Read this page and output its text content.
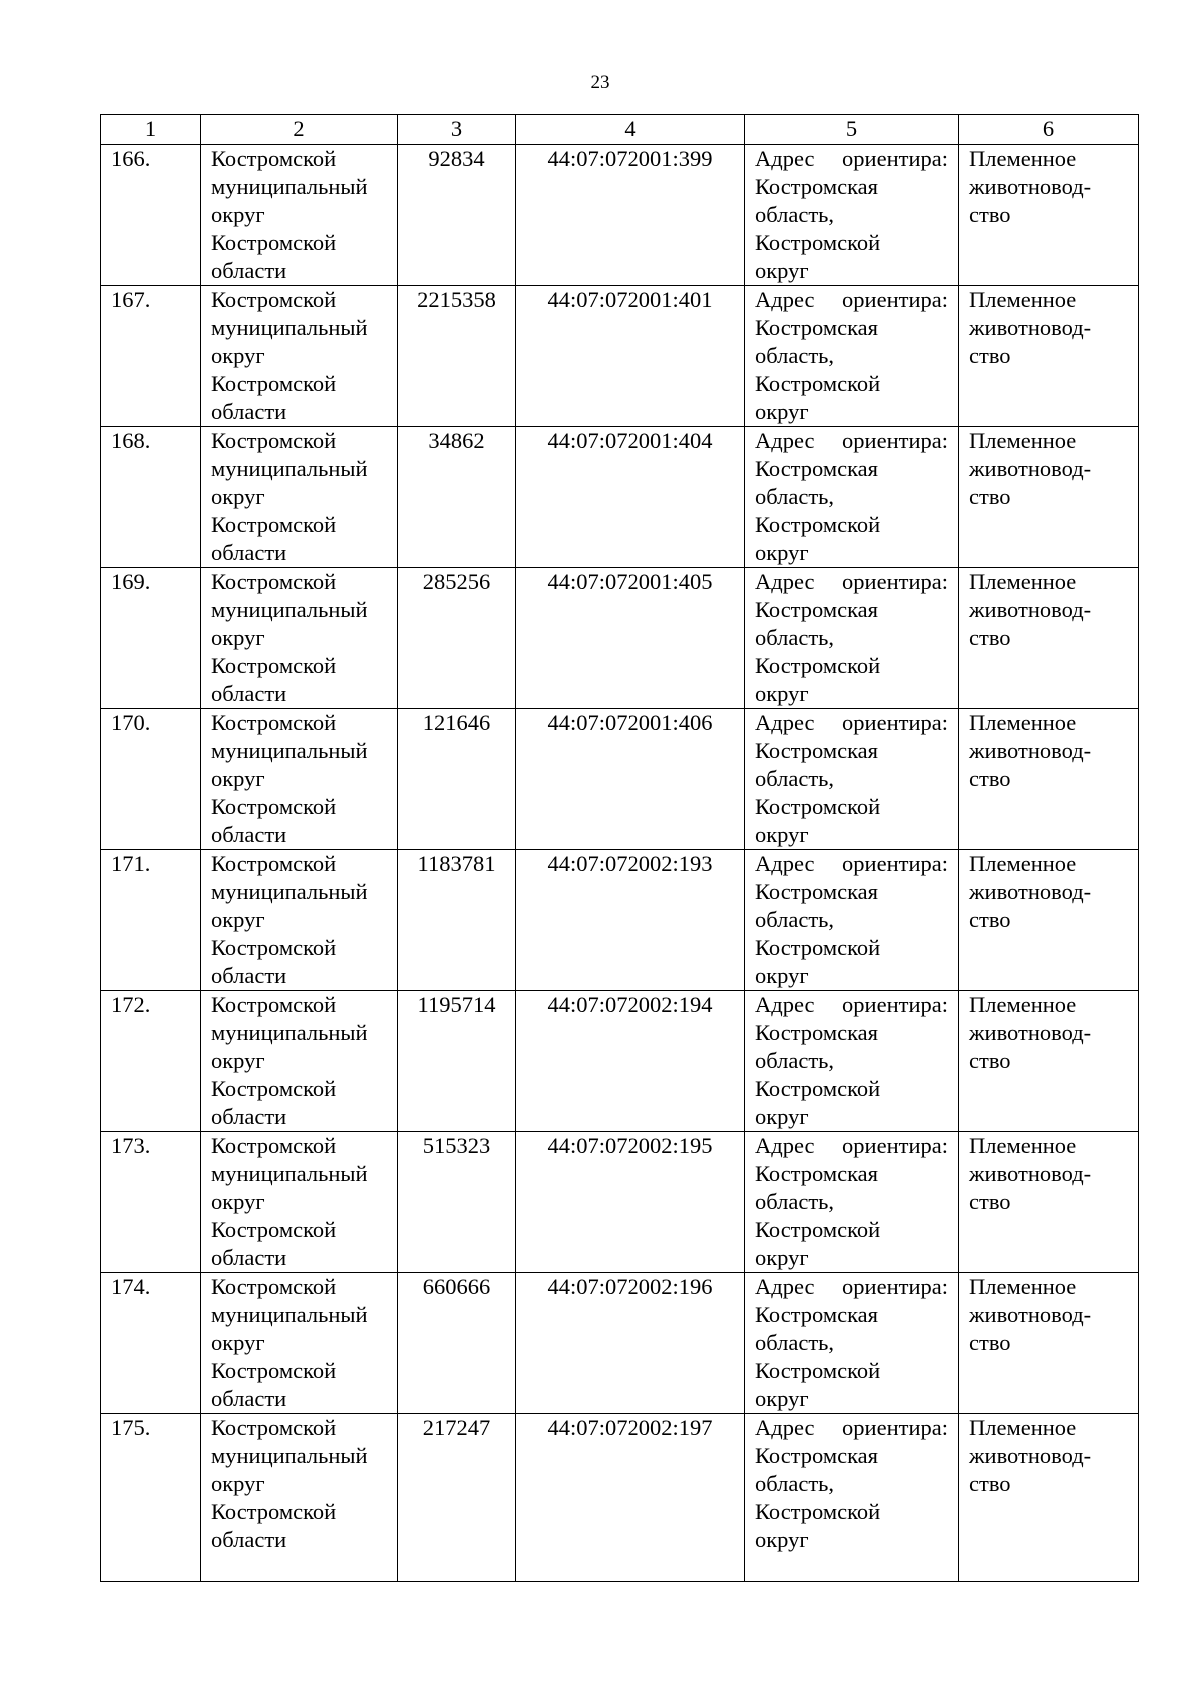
23
1	2	3	4	5	6
166.	Костромской
муниципальный
округ
Костромской
области	92834	44:07:072001:399	Адрес ориентира:
Костромская
область,
Костромской
округ	Племенное
животновод-
ство

167.	Костромской
муниципальный
округ
Костромской
области	2215358	44:07:072001:401	Адрес ориентира:
Костромская
область,
Костромской
округ	Племенное
животновод-
ство

168.	Костромской
муниципальный
округ
Костромской
области	34862	44:07:072001:404	Адрес ориентира:
Костромская
область,
Костромской
округ	Племенное
животновод-
ство

169.	Костромской
муниципальный
округ
Костромской
области	285256	44:07:072001:405	Адрес ориентира:
Костромская
область,
Костромской
округ	Племенное
животновод-
ство

170.	Костромской
муниципальный
округ
Костромской
области	121646	44:07:072001:406	Адрес ориентира:
Костромская
область,
Костромской
округ	Племенное
животновод-
ство

171.	Костромской
муниципальный
округ
Костромской
области	1183781	44:07:072002:193	Адрес ориентира:
Костромская
область,
Костромской
округ	Племенное
животновод-
ство

172.	Костромской
муниципальный
округ
Костромской
области	1195714	44:07:072002:194	Адрес ориентира:
Костромская
область,
Костромской
округ	Племенное
животновод-
ство

173.	Костромской
муниципальный
округ
Костромской
области	515323	44:07:072002:195	Адрес ориентира:
Костромская
область,
Костромской
округ	Племенное
животновод-
ство

174.	Костромской
муниципальный
округ
Костромской
области	660666	44:07:072002:196	Адрес ориентира:
Костромская
область,
Костромской
округ	Племенное
животновод-
ство

175.	Костромской
муниципальный
округ
Костромской
области	217247	44:07:072002:197	Адрес ориентира:
Костромская
область,
Костромской
округ	Племенное
животновод-
ство
